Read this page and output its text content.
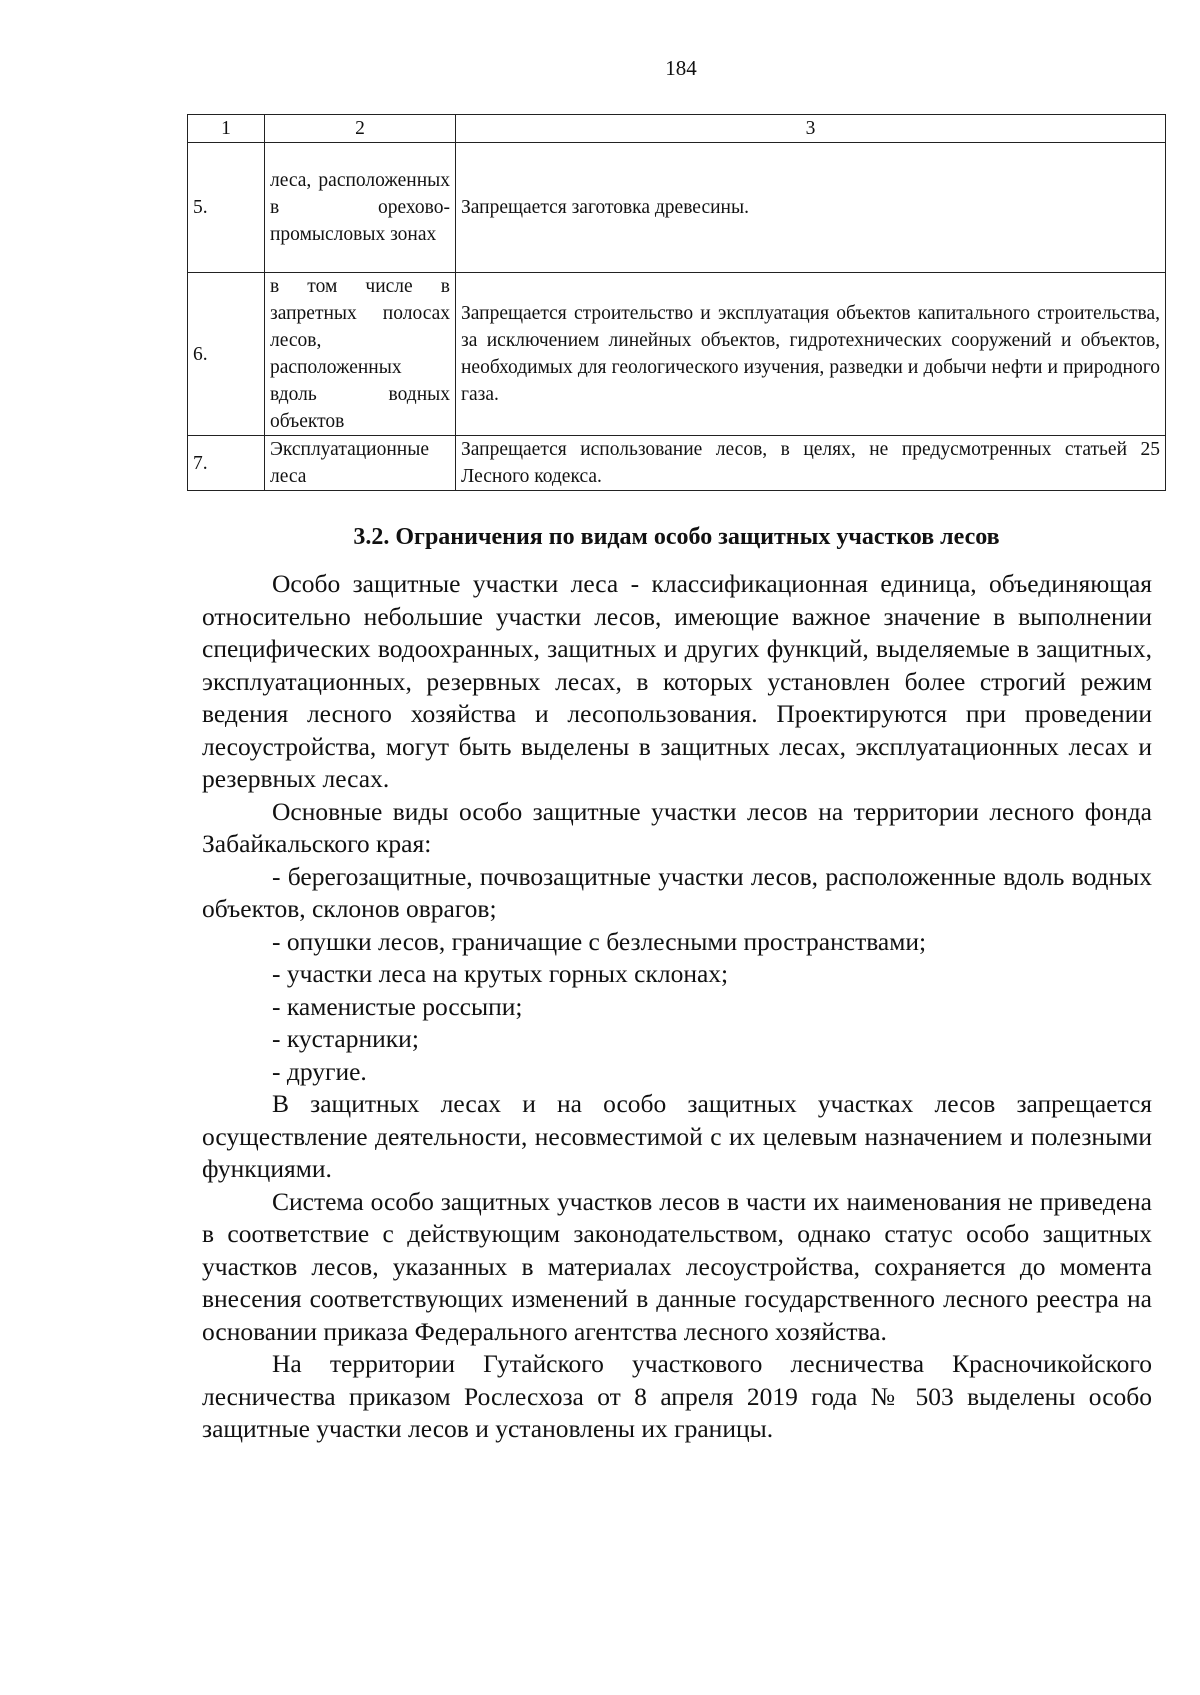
184
1	2	3
5.	леса, расположенных в орехово-промысловых зонах	Запрещается заготовка древесины.
6.	в том числе в запретных полосах лесов, расположенных вдоль водных объектов	Запрещается строительство и эксплуатация объектов капитального строительства, за исключением линейных объектов, гидротехнических сооружений и объектов, необходимых для геологического изучения, разведки и добычи нефти и природного газа.
7.	Эксплуатационные леса	Запрещается использование лесов, в целях, не предусмотренных статьей 25 Лесного кодекса.
3.2. Ограничения по видам особо защитных участков лесов

Особо защитные участки леса - классификационная единица, объединяющая относительно небольшие участки лесов, имеющие важное значение в выполнении специфических водоохранных, защитных и других функций, выделяемые в защитных, эксплуатационных, резервных лесах, в которых установлен более строгий режим ведения лесного хозяйства и лесопользования. Проектируются при проведении лесоустройства, могут быть выделены в защитных лесах, эксплуатационных лесах и резервных лесах.

Основные виды особо защитные участки лесов на территории лесного фонда Забайкальского края:

- берегозащитные, почвозащитные участки лесов, расположенные вдоль водных объектов, склонов оврагов;

- опушки лесов, граничащие с безлесными пространствами;

- участки леса на крутых горных склонах;

- каменистые россыпи;

- кустарники;

- другие.

В защитных лесах и на особо защитных участках лесов запрещается осуществление деятельности, несовместимой с их целевым назначением и полезными функциями.

Система особо защитных участков лесов в части их наименования не приведена в соответствие с действующим законодательством, однако статус особо защитных участков лесов, указанных в материалах лесоустройства, сохраняется до момента внесения соответствующих изменений в данные государственного лесного реестра на основании приказа Федерального агентства лесного хозяйства.

На территории Гутайского участкового лесничества Красночикойского лесничества приказом Рослесхоза от 8 апреля 2019 года № 503 выделены особо защитные участки лесов и установлены их границы.
